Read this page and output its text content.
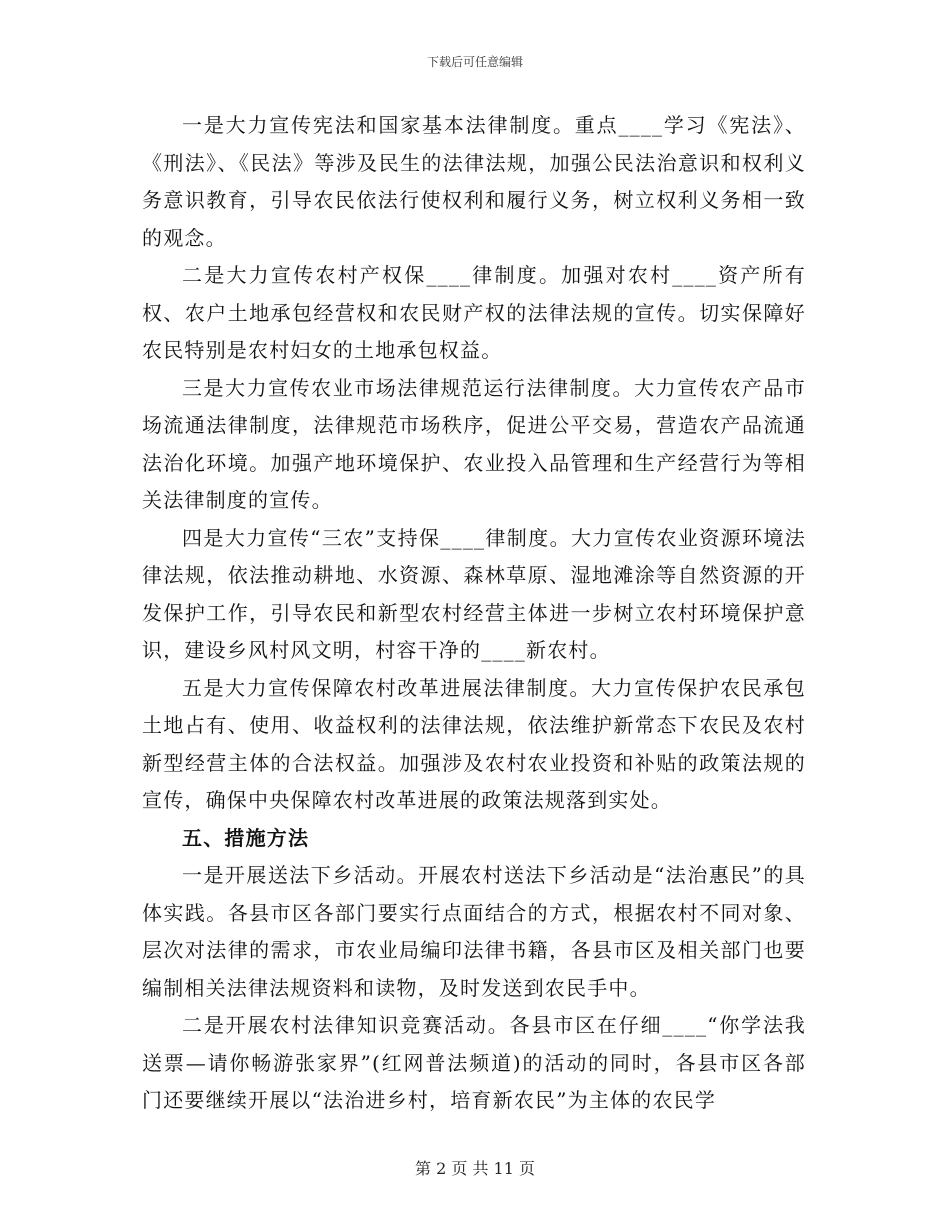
下载后可任意编辑

一是大力宣传宪法和国家基本法律制度。重点____学习《宪法》、《刑法》、《民法》等涉及民生的法律法规，加强公民法治意识和权利义务意识教育，引导农民依法行使权利和履行义务，树立权利义务相一致的观念。

二是大力宣传农村产权保____律制度。加强对农村____资产所有权、农户土地承包经营权和农民财产权的法律法规的宣传。切实保障好农民特别是农村妇女的土地承包权益。

三是大力宣传农业市场法律规范运行法律制度。大力宣传农产品市场流通法律制度，法律规范市场秩序，促进公平交易，营造农产品流通法治化环境。加强产地环境保护、农业投入品管理和生产经营行为等相关法律制度的宣传。

四是大力宣传“三农”支持保____律制度。大力宣传农业资源环境法律法规，依法推动耕地、水资源、森林草原、湿地滩涂等自然资源的开发保护工作，引导农民和新型农村经营主体进一步树立农村环境保护意识，建设乡风村风文明，村容干净的____新农村。

五是大力宣传保障农村改革进展法律制度。大力宣传保护农民承包土地占有、使用、收益权利的法律法规，依法维护新常态下农民及农村新型经营主体的合法权益。加强涉及农村农业投资和补贴的政策法规的宣传，确保中央保障农村改革进展的政策法规落到实处。

五、措施方法

一是开展送法下乡活动。开展农村送法下乡活动是“法治惠民”的具体实践。各县市区各部门要实行点面结合的方式，根据农村不同对象、层次对法律的需求，市农业局编印法律书籍，各县市区及相关部门也要编制相关法律法规资料和读物，及时发送到农民手中。

二是开展农村法律知识竞赛活动。各县市区在仔细____“你学法我送票—请你畅游张家界”(红网普法频道)的活动的同时，各县市区各部门还要继续开展以“法治进乡村，培育新农民”为主体的农民学

第 2 页 共 11 页
